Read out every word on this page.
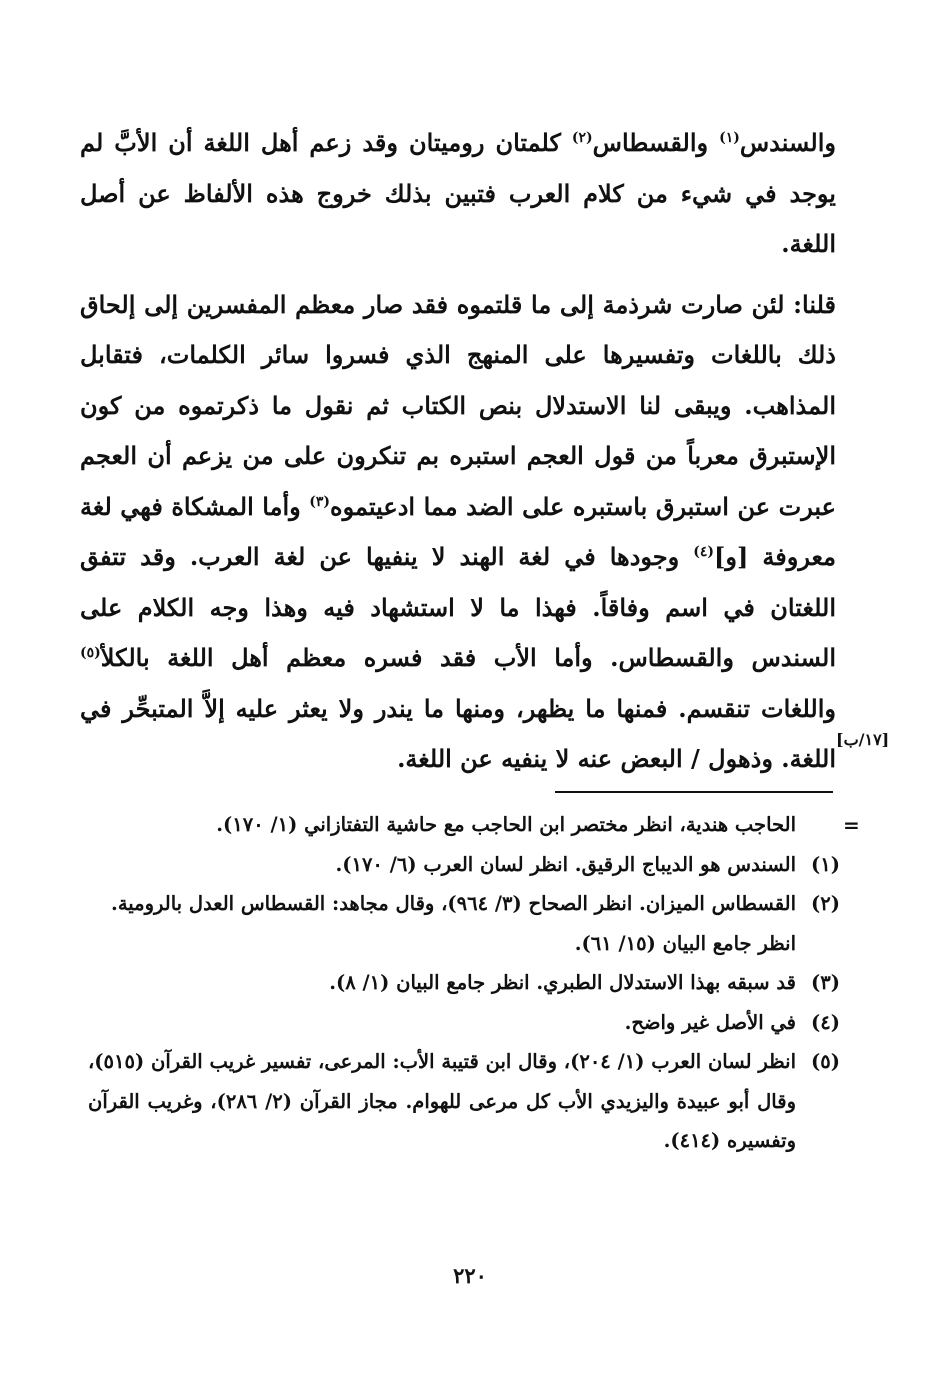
والسندس$^{(١)}$ والقسطاس$^{(٢)}$ كلمتان روميتان وقد زعم أهل اللغة أن الأبَّ لم يوجد في شيء من كلام العرب فتبين بذلك خروج هذه الألفاظ عن أصل اللغة.

قلنا: لئن صارت شرذمة إلى ما قلتموه فقد صار معظم المفسرين إلى إلحاق ذلك باللغات وتفسيرها على المنهج الذي فسروا سائر الكلمات، فتقابل المذاهب. ويبقى لنا الاستدلال بنص الكتاب ثم نقول ما ذكرتموه من كون الإستبرق معرباً من قول العجم استبره بم تنكرون على من يزعم أن العجم عبرت عن استبرق باستبره على الضد مما ادعيتموه$^{(٣)}$ وأما المشكاة فهي لغة معروفة [و]$^{(٤)}$ وجودها في لغة الهند لا ينفيها عن لغة العرب. وقد تتفق اللغتان في اسم وفاقاً. فهذا ما لا استشهاد فيه وهذا وجه الكلام على السندس والقسطاس. وأما الأب فقد فسره معظم أهل اللغة بالكلأ$^{(٥)}$ واللغات تنقسم. فمنها ما يظهر، ومنها ما يندر ولا يعثر عليه إلاَّ المتبحِّر في اللغة. وذهول / البعض عنه لا ينفيه عن اللغة.

[١٧/ب]
=
الحاجب هندية، انظر مختصر ابن الحاجب مع حاشية التفتازاني (١/ ١٧٠).
(١)
السندس هو الديباج الرقيق. انظر لسان العرب (٦/ ١٧٠).
(٢)
القسطاس الميزان. انظر الصحاح (٣/ ٩٦٤)، وقال مجاهد: القسطاس العدل بالرومية.
انظر جامع البيان (١٥/ ٦١).
(٣)
قد سبقه بهذا الاستدلال الطبري. انظر جامع البيان (١/ ٨).
(٤)
في الأصل غير واضح.
(٥)
انظر لسان العرب (١/ ٢٠٤)، وقال ابن قتيبة الأب: المرعى، تفسير غريب القرآن (٥١٥)، وقال أبو عبيدة واليزيدي الأب كل مرعى للهوام. مجاز القرآن (٢/ ٢٨٦)، وغريب القرآن وتفسيره (٤١٤).
٢٢٠
